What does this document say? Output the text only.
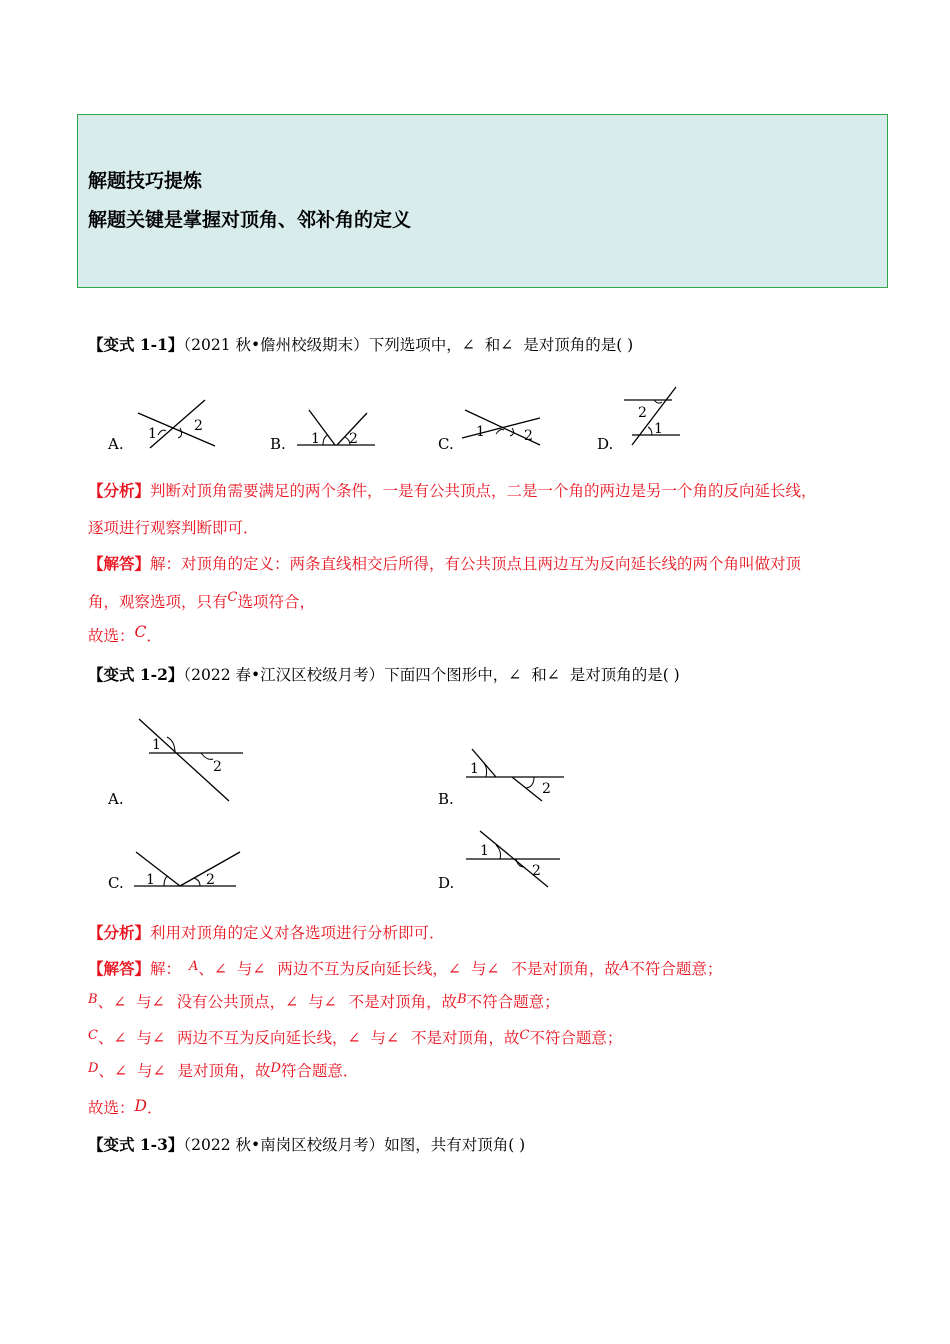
解题技巧提炼
解题关键是掌握对顶角、邻补角的定义
【变式 1-1】（2021 秋•儋州校级期末）下列选项中，∠ 和∠ 是对顶角的是( )
A.	B.	C.	D.
1	2
1 2	1	2
2
1
【分析】判断对顶角需要满足的两个条件，一是有公共顶点，二是一个角的两边是另一个角的反向延长线，
逐项进行观察判断即可．
【解答】解：对顶角的定义：两条直线相交后所得，有公共顶点且两边互为反向延长线的两个角叫做对顶
角，观察选项，只有$^C$选项符合，
故选：C．
【变式 1-2】（2022 春•江汉区校级月考）下面四个图形中，∠ 和∠ 是对顶角的是( )
A.	B.
C.	D.
1
2	1
2
1	2
1
2
【分析】利用对顶角的定义对各选项进行分析即可．
【解答】解： $^A$、∠ 与∠ 两边不互为反向延长线，∠ 与∠ 不是对顶角，故$^A$不符合题意；
$^B$、∠ 与∠ 没有公共顶点，∠ 与∠ 不是对顶角，故$^B$不符合题意；
$^C$、∠ 与∠ 两边不互为反向延长线，∠ 与∠ 不是对顶角，故$^C$不符合题意；
$^D$、∠ 与∠ 是对顶角，故$^D$符合题意．
故选：D．
【变式 1-3】（2022 秋•南岗区校级月考）如图，共有对顶角( )
